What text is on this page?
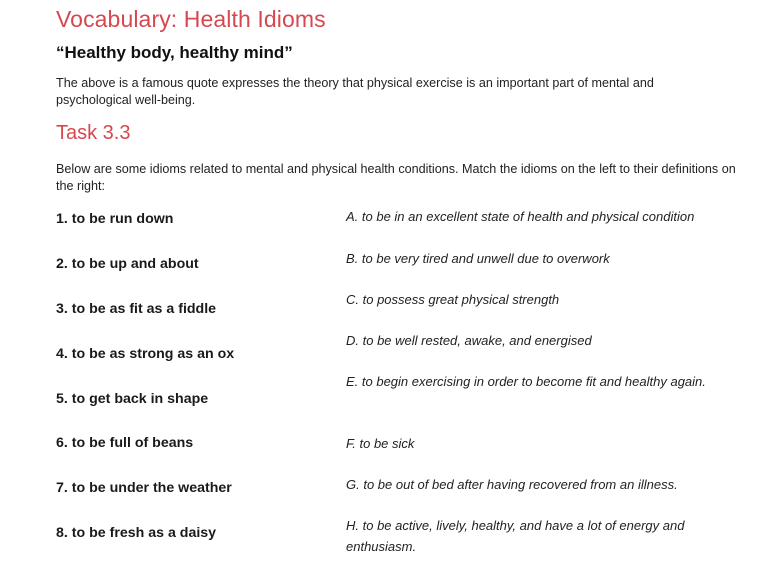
Vocabulary: Health Idioms
“Healthy body, healthy mind”

The above is a famous quote expresses the theory that physical exercise is an important part of mental and psychological well-being.

Task 3.3

Below are some idioms related to mental and physical health conditions. Match the idioms on the left to their definitions on the right:

1. to be run down
2. to be up and about
3. to be as fit as a fiddle
4. to be as strong as an ox
5. to get back in shape
6. to be full of beans
7. to be under the weather
8. to be fresh as a daisy
A. to be in an excellent state of health and physical condition
B. to be very tired and unwell due to overwork
C. to possess great physical strength
D. to be well rested, awake, and energised
E. to begin exercising in order to become fit and healthy again.
F. to be sick
G. to be out of bed after having recovered from an illness.
H. to be active, lively, healthy, and have a lot of energy and enthusiasm.
